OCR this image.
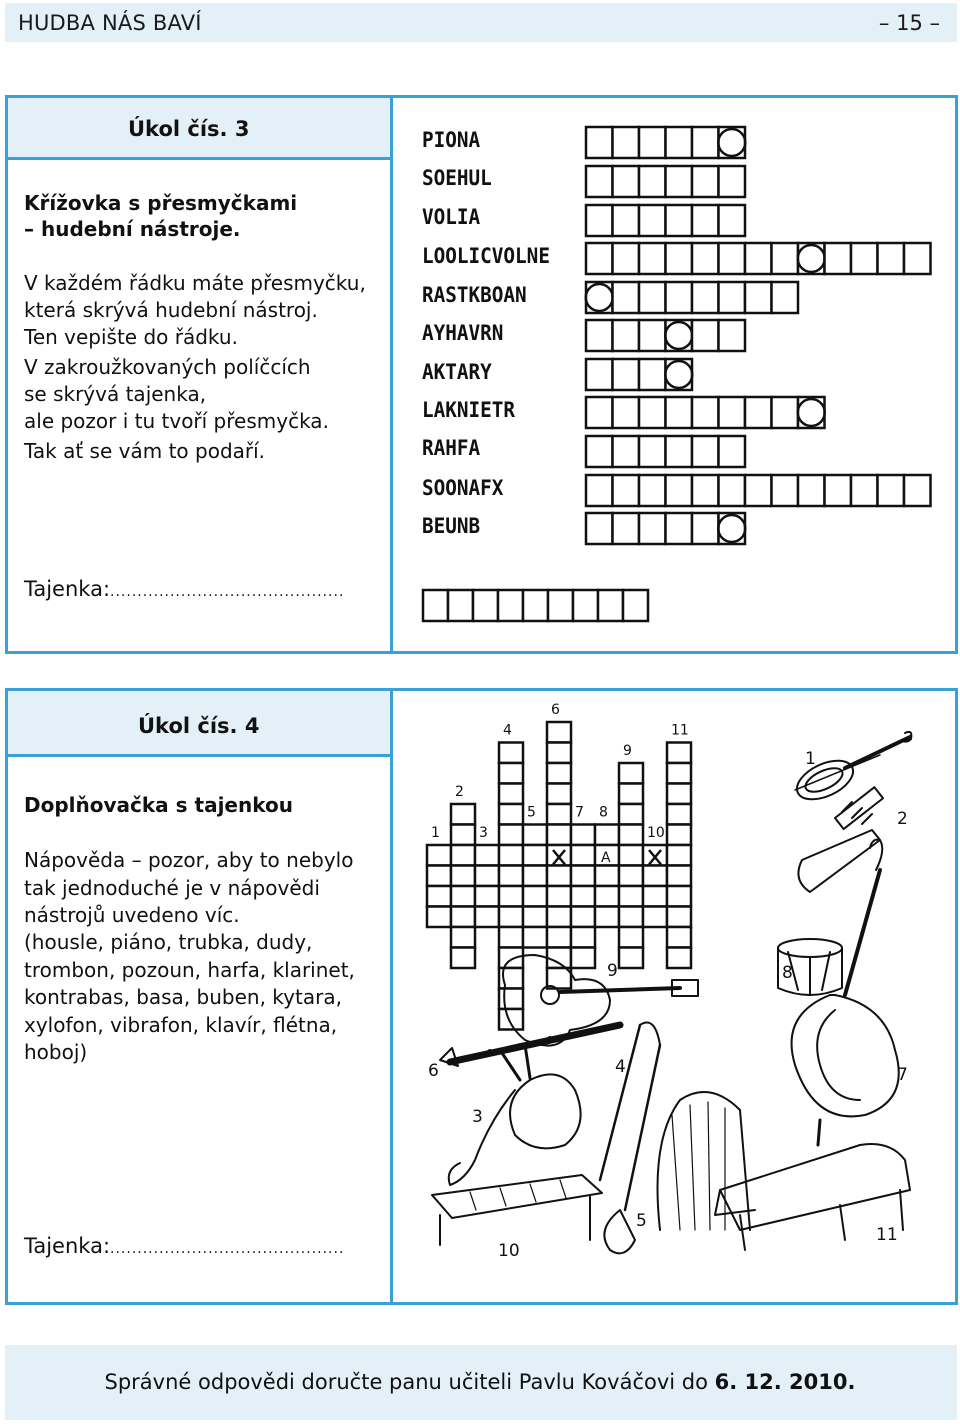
HUDBA NÁS BAVÍ	– 15 –
Úkol čís. 3
Křížovka s přesmyčkami
– hudební nástroje.
V každém řádku máte přesmyčku,
která skrývá hudební nástroj.
Ten vepište do řádku.
V zakroužkovaných políčcích
se skrývá tajenka,
ale pozor i tu tvoří přesmyčka.
Tak ať se vám to podaří.
Tajenka:...........................................
PIONA
SOEHUL
VOLIA
LOOLICVOLNE
RASTKBOAN
AYHAVRN
AKTARY
LAKNIETR
RAHFA
SOONAFX
BEUNB
Úkol čís. 4
Doplňovačka s tajenkou
Nápověda – pozor, aby to nebylo
tak jednoduché je v nápovědi
nástrojů uvedeno víc.
(housle, piáno, trubka, dudy,
trombon, pozoun, harfa, klarinet,
kontrabas, basa, buben, kytara,
xylofon, vibrafon, klavír, flétna,
hoboj)
Tajenka:...........................................
1
2
3
4
5
6
7 8
9
10
11
A
1
2
3
4
5
6	7
8
9
10
11
Správné odpovědi doručte panu učiteli Pavlu Kováčovi do 6. 12. 2010.
